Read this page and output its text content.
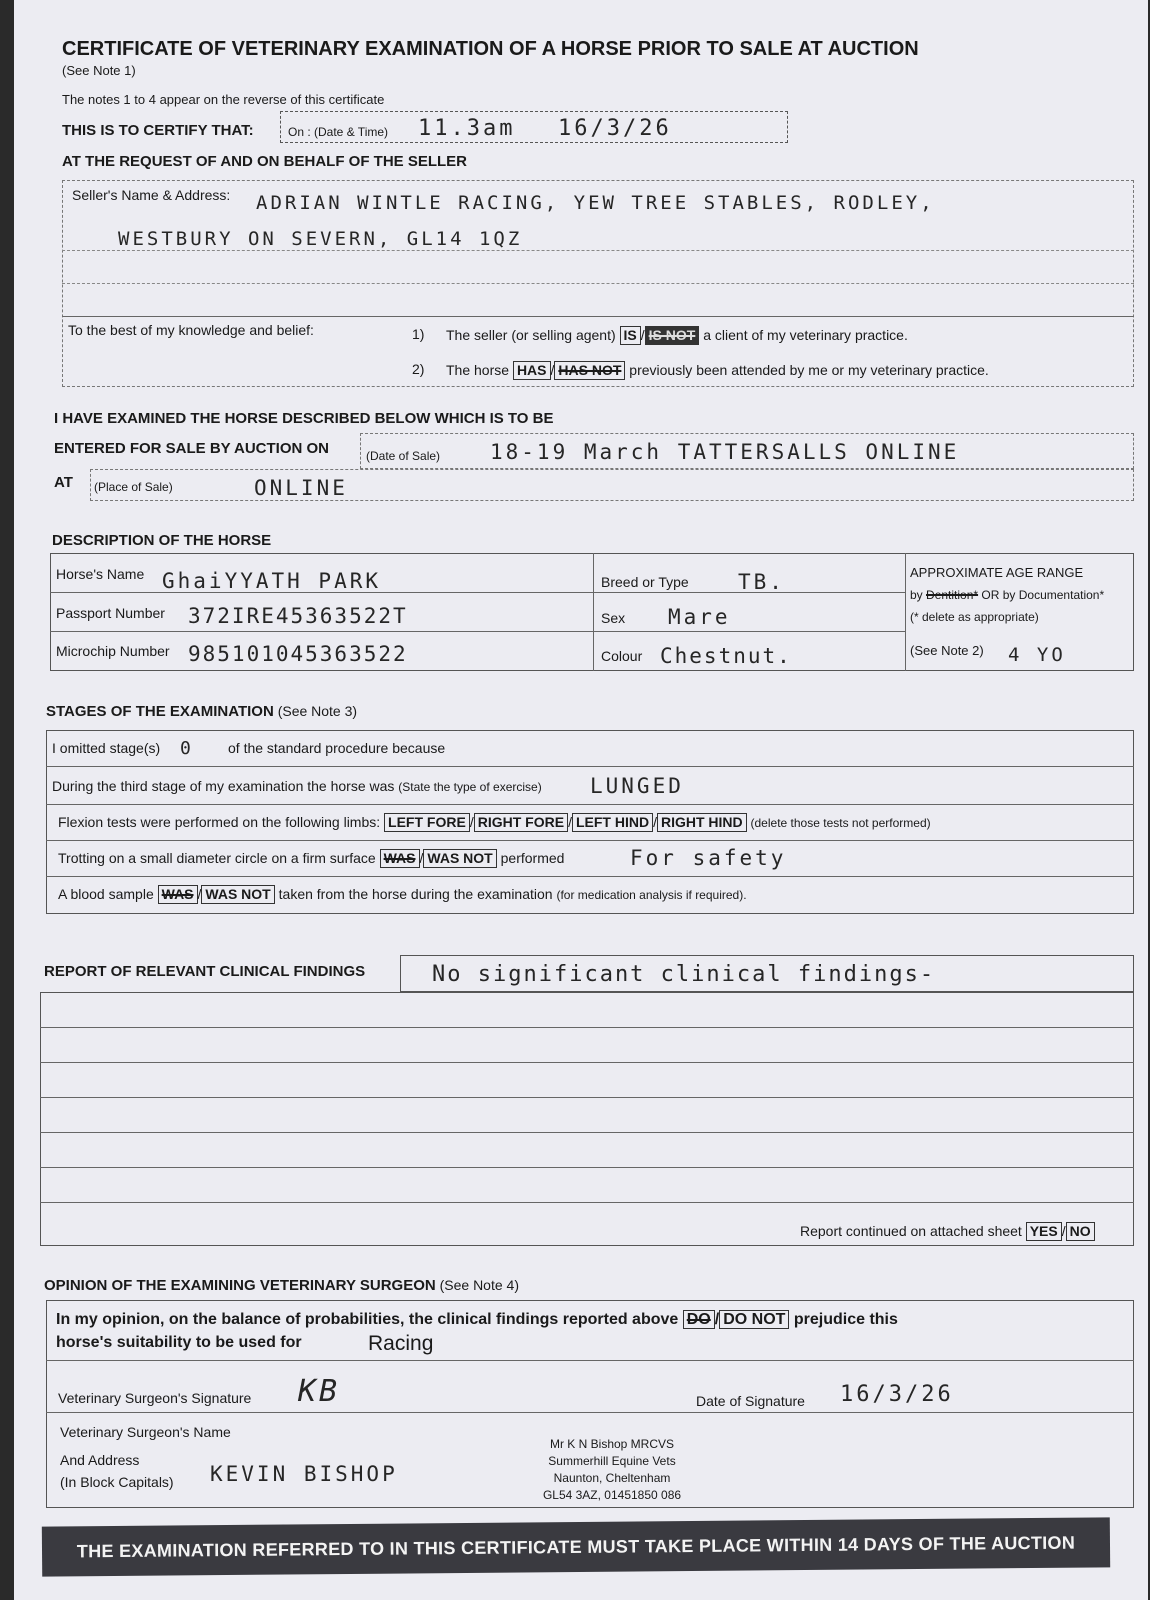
CERTIFICATE OF VETERINARY EXAMINATION OF A HORSE PRIOR TO SALE AT AUCTION
(See Note 1)
The notes 1 to 4 appear on the reverse of this certificate
THIS IS TO CERTIFY THAT:	On : (Date & Time) 11.3am 16/3/26
AT THE REQUEST OF AND ON BEHALF OF THE SELLER
Seller's Name & Address: ADRIAN WINTLE RACING, YEW TREE STABLES, RODLEY,
WESTBURY ON SEVERN, GL14 1QZ
To the best of my knowledge and belief:	1) The seller (or selling agent) IS / IS NOT a client of my veterinary practice.
2) The horse HAS / HAS NOT previously been attended by me or my veterinary practice.
I HAVE EXAMINED THE HORSE DESCRIBED BELOW WHICH IS TO BE
ENTERED FOR SALE BY AUCTION ON	(Date of Sale) 18-19 March TATTERSALLS ONLINE
AT (Place of Sale)	ONLINE
DESCRIPTION OF THE HORSE
Horse's Name GhaiYYATH PARK
Passport Number 372IRE45363522T
Microchip Number 985101045363522
Breed or Type TB.
Sex Mare
Colour Chestnut.
APPROXIMATE AGE RANGE
by Dentition* OR by Documentation*
(* delete as appropriate)
(See Note 2) 4 YO
STAGES OF THE EXAMINATION (See Note 3)
I omitted stage(s) 0 of the standard procedure because
During the third stage of my examination the horse was (State the type of exercise) LUNGED
Flexion tests were performed on the following limbs: LEFT FORE / RIGHT FORE / LEFT HIND / RIGHT HIND (delete those tests not performed)
Trotting on a small diameter circle on a firm surface WAS / WAS NOT performed	For safety
A blood sample WAS / WAS NOT taken from the horse during the examination (for medication analysis if required).
REPORT OF RELEVANT CLINICAL FINDINGS	No significant clinical findings-
Report continued on attached sheet YES / NO
OPINION OF THE EXAMINING VETERINARY SURGEON (See Note 4)
In my opinion, on the balance of probabilities, the clinical findings reported above DO / DO NOT prejudice this
horse's suitability to be used for	Racing
Veterinary Surgeon's Signature KB	Date of Signature 16/3/26
Veterinary Surgeon's Name
And Address
(In Block Capitals) KEVIN BISHOP
Mr K N Bishop MRCVS
Summerhill Equine Vets
Naunton, Cheltenham
GL54 3AZ, 01451850 086
THE EXAMINATION REFERRED TO IN THIS CERTIFICATE MUST TAKE PLACE WITHIN 14 DAYS OF THE AUCTION
